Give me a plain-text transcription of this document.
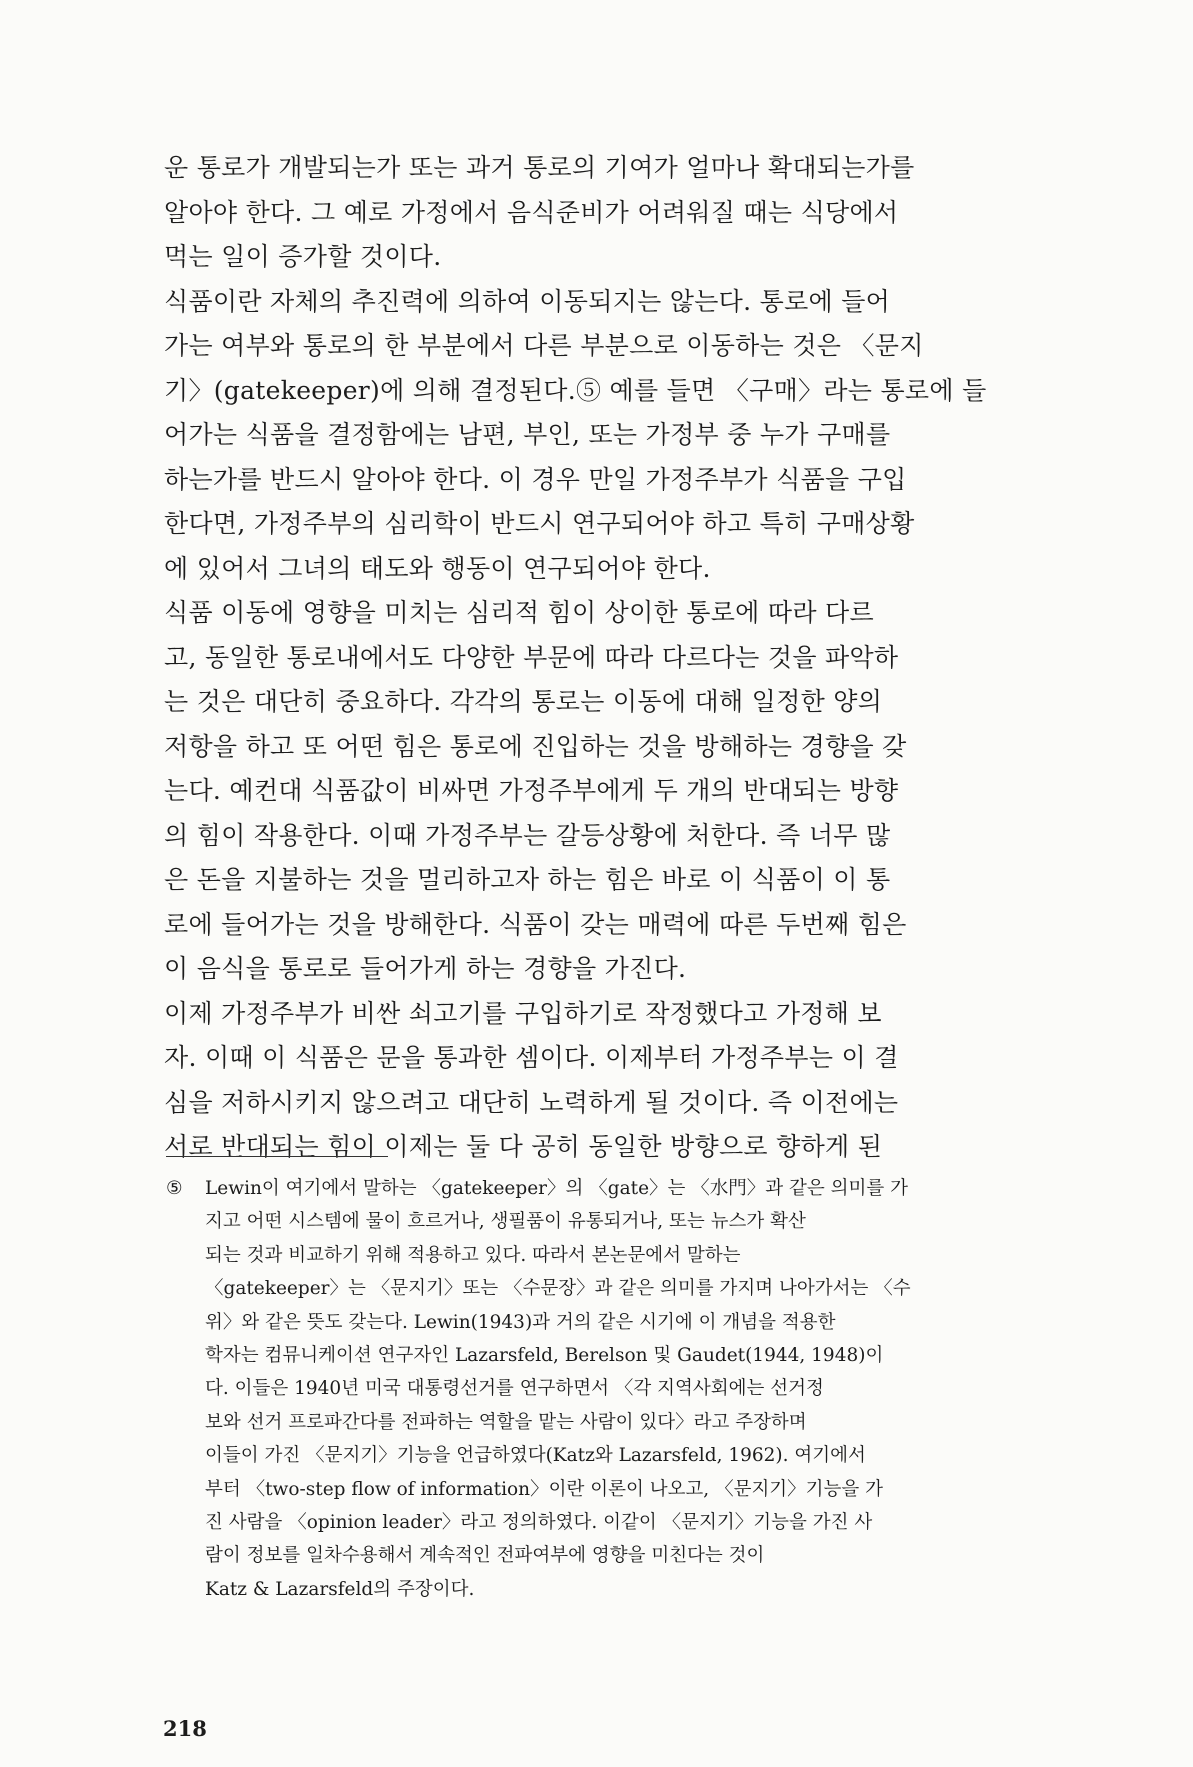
운 통로가 개발되는가 또는 과거 통로의 기여가 얼마나 확대되는가를
알아야 한다. 그 예로 가정에서 음식준비가 어려워질 때는 식당에서
먹는 일이 증가할 것이다.
식품이란 자체의 추진력에 의하여 이동되지는 않는다. 통로에 들어
가는 여부와 통로의 한 부분에서 다른 부분으로 이동하는 것은 〈문지
기〉(gatekeeper)에 의해 결정된다.⑤ 예를 들면 〈구매〉라는 통로에 들
어가는 식품을 결정함에는 남편, 부인, 또는 가정부 중 누가 구매를
하는가를 반드시 알아야 한다. 이 경우 만일 가정주부가 식품을 구입
한다면, 가정주부의 심리학이 반드시 연구되어야 하고 특히 구매상황
에 있어서 그녀의 태도와 행동이 연구되어야 한다.
식품 이동에 영향을 미치는 심리적 힘이 상이한 통로에 따라 다르
고, 동일한 통로내에서도 다양한 부문에 따라 다르다는 것을 파악하
는 것은 대단히 중요하다. 각각의 통로는 이동에 대해 일정한 양의
저항을 하고 또 어떤 힘은 통로에 진입하는 것을 방해하는 경향을 갖
는다. 예컨대 식품값이 비싸면 가정주부에게 두 개의 반대되는 방향
의 힘이 작용한다. 이때 가정주부는 갈등상황에 처한다. 즉 너무 많
은 돈을 지불하는 것을 멀리하고자 하는 힘은 바로 이 식품이 이 통
로에 들어가는 것을 방해한다. 식품이 갖는 매력에 따른 두번째 힘은
이 음식을 통로로 들어가게 하는 경향을 가진다.
이제 가정주부가 비싼 쇠고기를 구입하기로 작정했다고 가정해 보
자. 이때 이 식품은 문을 통과한 셈이다. 이제부터 가정주부는 이 결
심을 저하시키지 않으려고 대단히 노력하게 될 것이다. 즉 이전에는
서로 반대되는 힘이 이제는 둘 다 공히 동일한 방향으로 향하게 된
⑤ Lewin이 여기에서 말하는 〈gatekeeper〉의 〈gate〉는 〈水門〉과 같은 의미를 가
지고 어떤 시스템에 물이 흐르거나, 생필품이 유통되거나, 또는 뉴스가 확산
되는 것과 비교하기 위해 적용하고 있다. 따라서 본논문에서 말하는
〈gatekeeper〉는 〈문지기〉또는 〈수문장〉과 같은 의미를 가지며 나아가서는 〈수
위〉와 같은 뜻도 갖는다. Lewin(1943)과 거의 같은 시기에 이 개념을 적용한
학자는 컴뮤니케이션 연구자인 Lazarsfeld, Berelson 및 Gaudet(1944, 1948)이
다. 이들은 1940년 미국 대통령선거를 연구하면서 〈각 지역사회에는 선거정
보와 선거 프로파간다를 전파하는 역할을 맡는 사람이 있다〉라고 주장하며
이들이 가진 〈문지기〉기능을 언급하였다(Katz와 Lazarsfeld, 1962). 여기에서
부터 〈two-step flow of information〉이란 이론이 나오고, 〈문지기〉기능을 가
진 사람을 〈opinion leader〉라고 정의하였다. 이같이 〈문지기〉기능을 가진 사
람이 정보를 일차수용해서 계속적인 전파여부에 영향을 미친다는 것이
Katz & Lazarsfeld의 주장이다.
218
